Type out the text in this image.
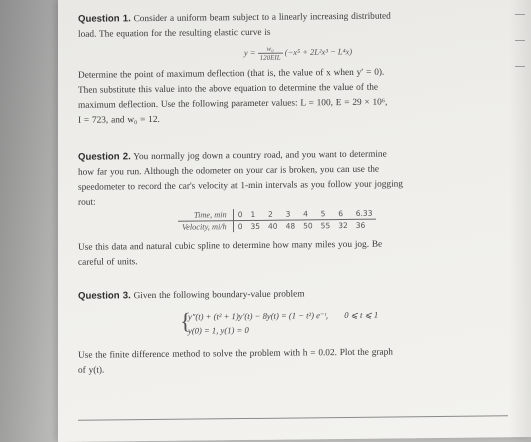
Question 1. Consider a uniform beam subject to a linearly increasing distributed
load. The equation for the resulting elastic curve is
$y = \frac{\text{w₀}}{\text{120EIL}} (-x^5 + 2L^2x^3 - L^4x)$
Determine the point of maximum deflection (that is, the value of x when y′ = 0).
Then substitute this value into the above equation to determine the value of the
maximum deflection. Use the following parameter values: L = 100, E = 29 × 10⁶,
I = 723, and w₀ = 12.
Question 2. You normally jog down a country road, and you want to determine
how far you run. Although the odometer on your car is broken, you can use the
speedometer to record the car's velocity at 1-min intervals as you follow your jogging
rout:
Time, min	0	1	2	3	4	5	6	6.33
Velocity, mi/h	0	35	40	48	50	55	32	36
Use this data and natural cubic spline to determine how many miles you jog. Be
careful of units.
Question 3. Given the following boundary-value problem
{
y″(t) + (t² + 1)y′(t) − 8y(t) = (1 − t²) e⁻ᵗ, 0 ⩽ t ⩽ 1
y(0) = 1, y(1) = 0
Use the finite difference method to solve the problem with h = 0.02. Plot the graph
of y(t).
